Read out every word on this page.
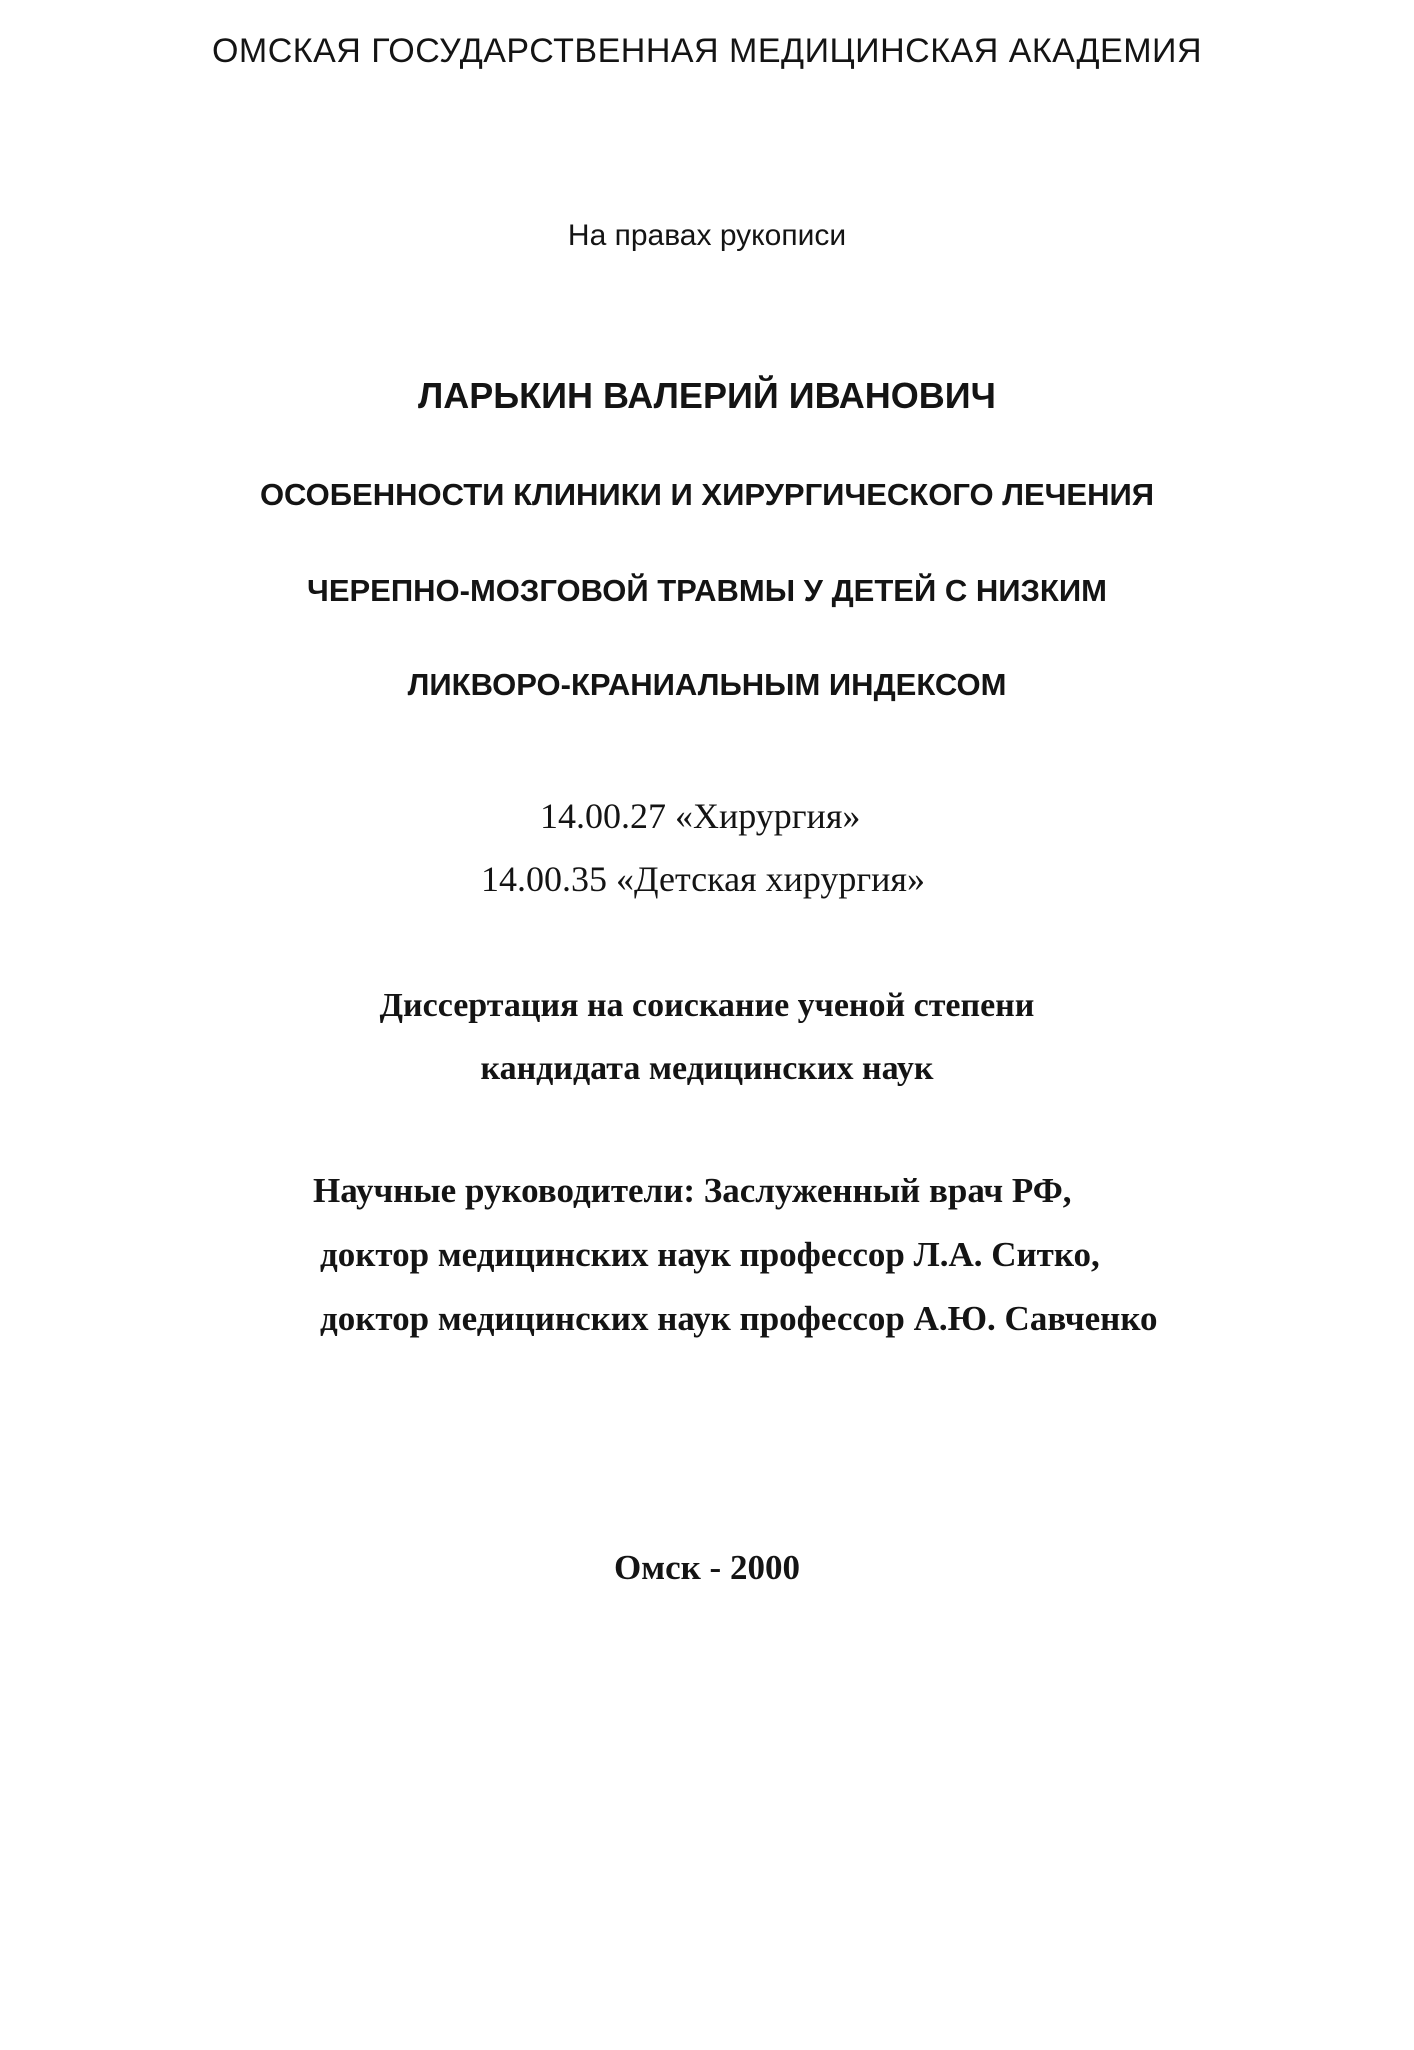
ОМСКАЯ ГОСУДАРСТВЕННАЯ МЕДИЦИНСКАЯ АКАДЕМИЯ
На правах рукописи
ЛАРЬКИН ВАЛЕРИЙ ИВАНОВИЧ
ОСОБЕННОСТИ КЛИНИКИ И ХИРУРГИЧЕСКОГО ЛЕЧЕНИЯ
ЧЕРЕПНО-МОЗГОВОЙ ТРАВМЫ У ДЕТЕЙ С НИЗКИМ
ЛИКВОРО-КРАНИАЛЬНЫМ ИНДЕКСОМ
14.00.27 «Хирургия»
14.00.35 «Детская хирургия»
Диссертация на соискание ученой степени
кандидата медицинских наук
Научные руководители: Заслуженный врач РФ,
доктор медицинских наук профессор Л.А. Ситко,
доктор медицинских наук профессор А.Ю. Савченко
Омск - 2000
